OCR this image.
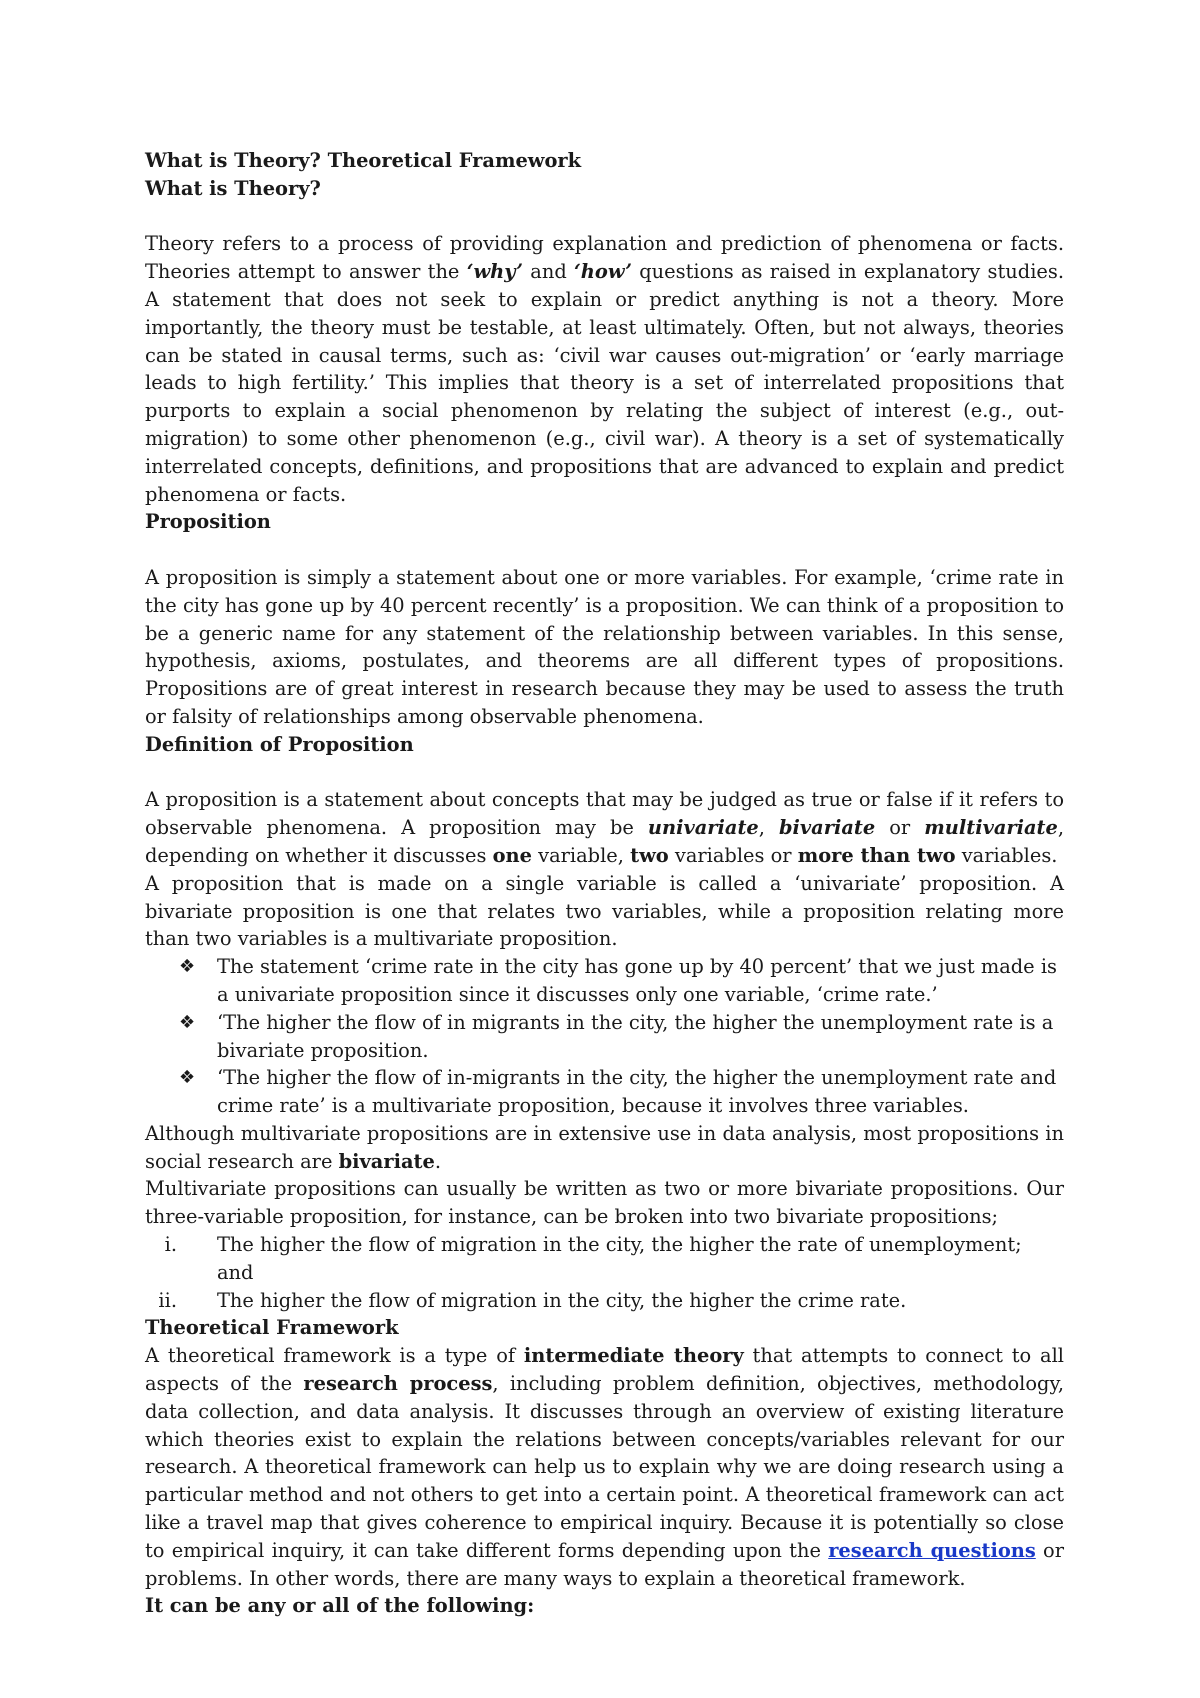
What is Theory? Theoretical Framework

What is Theory?

Theory refers to a process of providing explanation and prediction of phenomena or facts. Theories attempt to answer the ‘why’ and ‘how’ questions as raised in explanatory studies. A statement that does not seek to explain or predict anything is not a theory. More importantly, the theory must be testable, at least ultimately. Often, but not always, theories can be stated in causal terms, such as: ‘civil war causes out-migration’ or ‘early marriage leads to high fertility.’ This implies that theory is a set of interrelated propositions that purports to explain a social phenomenon by relating the subject of interest (e.g., out-migration) to some other phenomenon (e.g., civil war). A theory is a set of systematically interrelated concepts, definitions, and propositions that are advanced to explain and predict phenomena or facts.

Proposition

A proposition is simply a statement about one or more variables. For example, ‘crime rate in the city has gone up by 40 percent recently’ is a proposition. We can think of a proposition to be a generic name for any statement of the relationship between variables. In this sense, hypothesis, axioms, postulates, and theorems are all different types of propositions. Propositions are of great interest in research because they may be used to assess the truth or falsity of relationships among observable phenomena.

Definition of Proposition

A proposition is a statement about concepts that may be judged as true or false if it refers to observable phenomena. A proposition may be univariate, bivariate or multivariate, depending on whether it discusses one variable, two variables or more than two variables.

A proposition that is made on a single variable is called a ‘univariate’ proposition. A bivariate proposition is one that relates two variables, while a proposition relating more than two variables is a multivariate proposition.

❖	The statement ‘crime rate in the city has gone up by 40 percent’ that we just made is a univariate proposition since it discusses only one variable, ‘crime rate.’
❖	‘The higher the flow of in migrants in the city, the higher the unemployment rate is a bivariate proposition.
❖	‘The higher the flow of in-migrants in the city, the higher the unemployment rate and crime rate’ is a multivariate proposition, because it involves three variables.

Although multivariate propositions are in extensive use in data analysis, most propositions in social research are bivariate.

Multivariate propositions can usually be written as two or more bivariate propositions. Our three-variable proposition, for instance, can be broken into two bivariate propositions;

i. The higher the flow of migration in the city, the higher the rate of unemployment; and
ii. The higher the flow of migration in the city, the higher the crime rate.

Theoretical Framework

A theoretical framework is a type of intermediate theory that attempts to connect to all aspects of the research process, including problem definition, objectives, methodology, data collection, and data analysis. It discusses through an overview of existing literature which theories exist to explain the relations between concepts/variables relevant for our research. A theoretical framework can help us to explain why we are doing research using a particular method and not others to get into a certain point. A theoretical framework can act like a travel map that gives coherence to empirical inquiry. Because it is potentially so close to empirical inquiry, it can take different forms depending upon the research questions or problems. In other words, there are many ways to explain a theoretical framework.

It can be any or all of the following:
